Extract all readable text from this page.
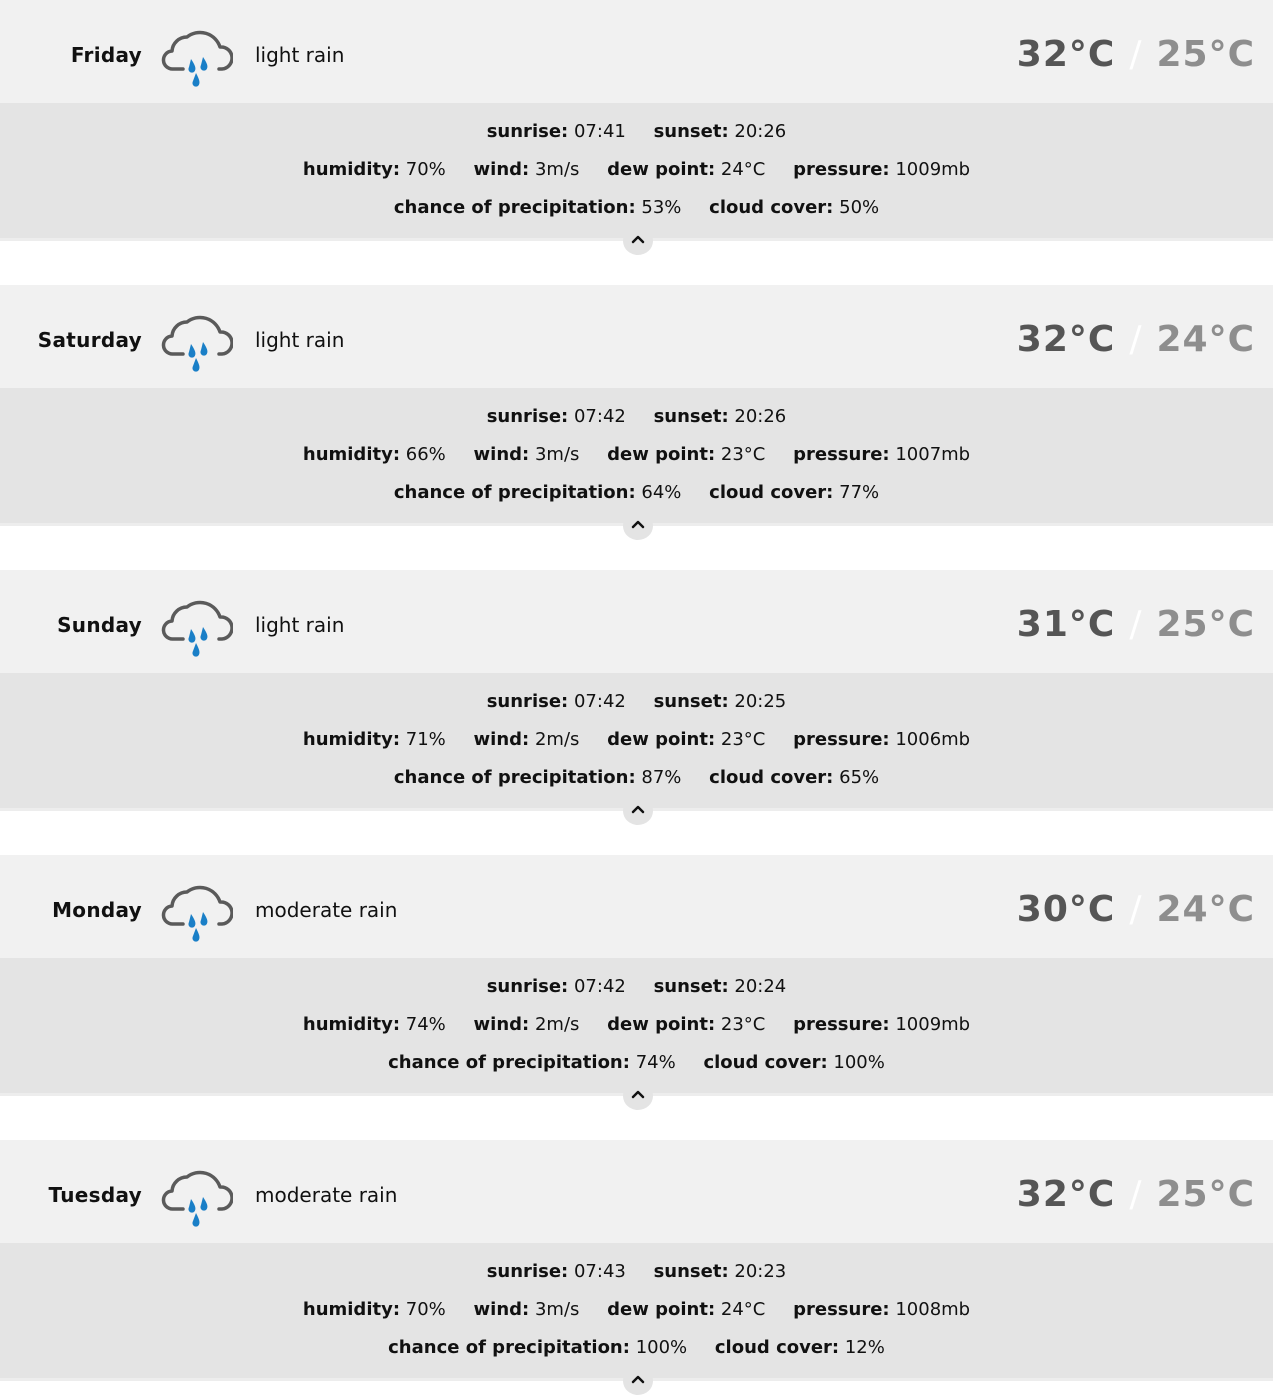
Friday	light rain	32°C / 25°C
sunrise: 07:41 sunset: 20:26
humidity: 70% wind: 3m/s dew point: 24°C pressure: 1009mb
chance of precipitation: 53% cloud cover: 50%
Saturday	light rain	32°C / 24°C
sunrise: 07:42 sunset: 20:26
humidity: 66% wind: 3m/s dew point: 23°C pressure: 1007mb
chance of precipitation: 64% cloud cover: 77%
Sunday	light rain	31°C / 25°C
sunrise: 07:42 sunset: 20:25
humidity: 71% wind: 2m/s dew point: 23°C pressure: 1006mb
chance of precipitation: 87% cloud cover: 65%
Monday	moderate rain	30°C / 24°C
sunrise: 07:42 sunset: 20:24
humidity: 74% wind: 2m/s dew point: 23°C pressure: 1009mb
chance of precipitation: 74% cloud cover: 100%
Tuesday	moderate rain	32°C / 25°C
sunrise: 07:43 sunset: 20:23
humidity: 70% wind: 3m/s dew point: 24°C pressure: 1008mb
chance of precipitation: 100% cloud cover: 12%
